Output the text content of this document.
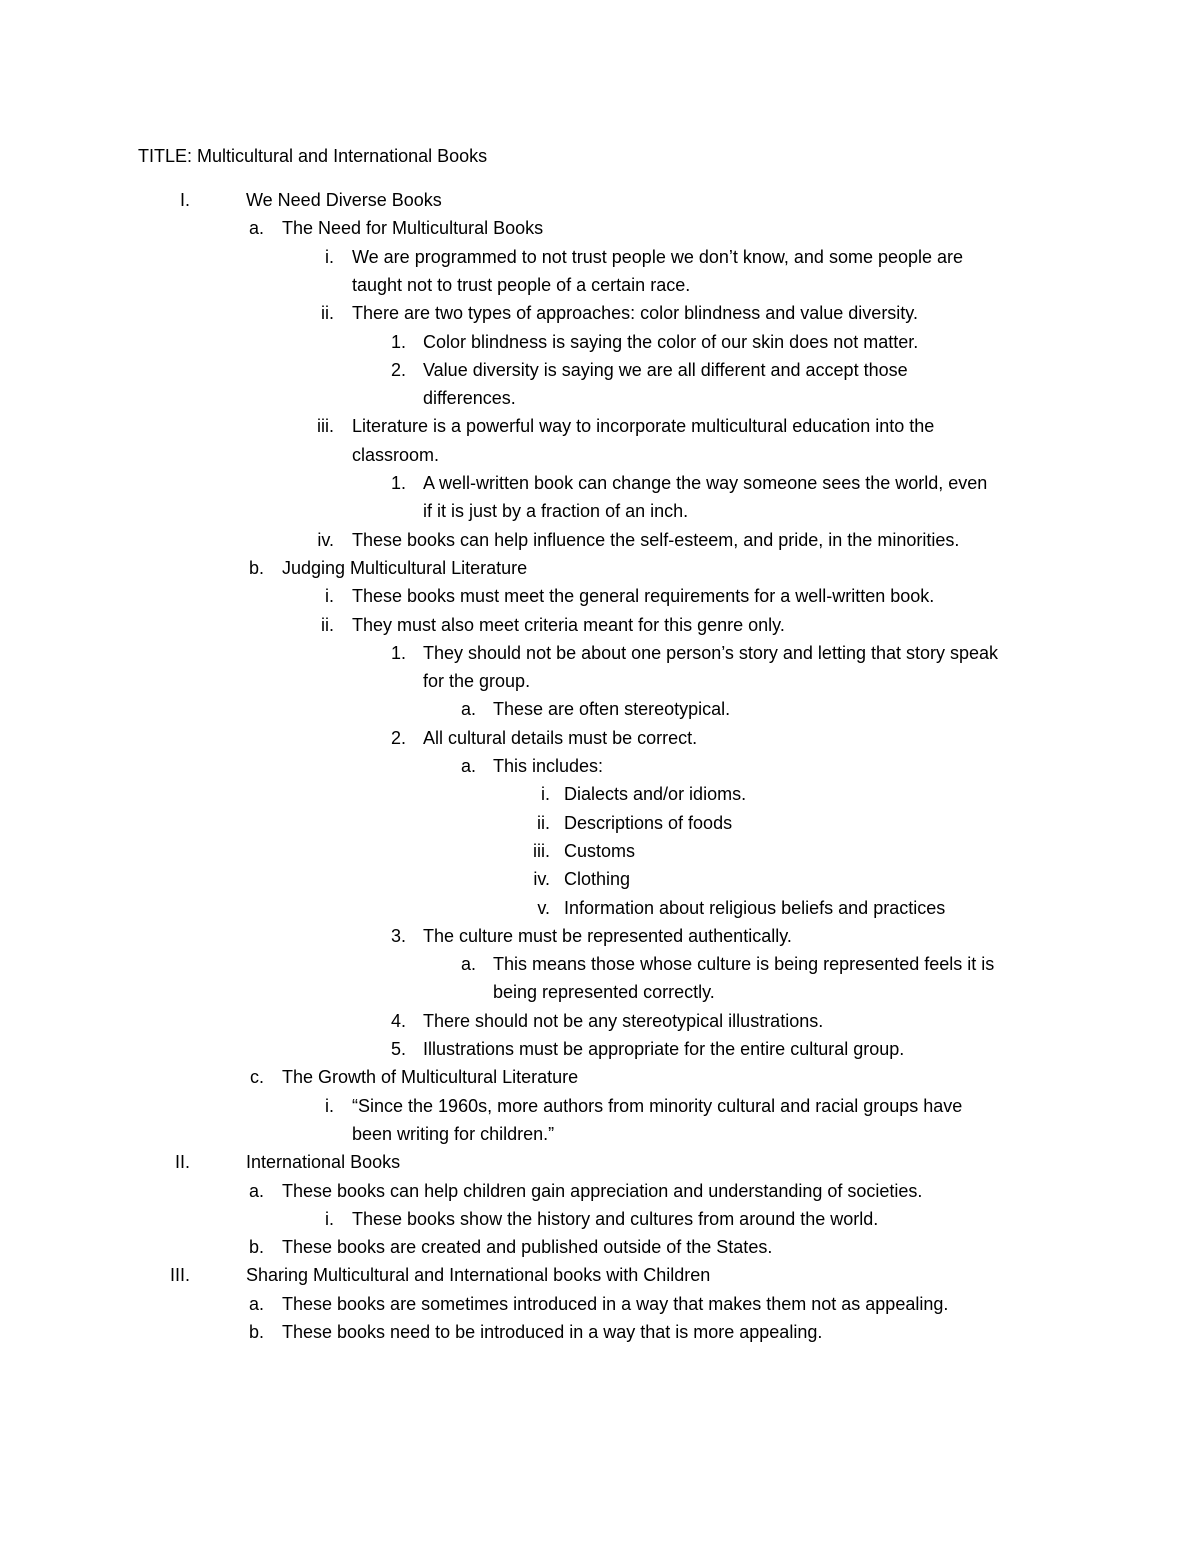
TITLE: Multicultural and International Books
I.	We Need Diverse Books
a. The Need for Multicultural Books
i. We are programmed to not trust people we don’t know, and some people are
taught not to trust people of a certain race.
ii. There are two types of approaches: color blindness and value diversity.
1. Color blindness is saying the color of our skin does not matter.
2. Value diversity is saying we are all different and accept those
differences.
iii. Literature is a powerful way to incorporate multicultural education into the
classroom.
1. A well-written book can change the way someone sees the world, even
if it is just by a fraction of an inch.
iv. These books can help influence the self-esteem, and pride, in the minorities.
b. Judging Multicultural Literature
i. These books must meet the general requirements for a well-written book.
ii. They must also meet criteria meant for this genre only.
1. They should not be about one person’s story and letting that story speak
for the group.
a. These are often stereotypical.
2. All cultural details must be correct.
a. This includes:
i. Dialects and/or idioms.
ii. Descriptions of foods
iii. Customs
iv. Clothing
v. Information about religious beliefs and practices
3. The culture must be represented authentically.
a. This means those whose culture is being represented feels it is
being represented correctly.
4. There should not be any stereotypical illustrations.
5. Illustrations must be appropriate for the entire cultural group.
c. The Growth of Multicultural Literature
i. “Since the 1960s, more authors from minority cultural and racial groups have
been writing for children.”
II.	International Books
a. These books can help children gain appreciation and understanding of societies.
i. These books show the history and cultures from around the world.
b. These books are created and published outside of the States.
III.	Sharing Multicultural and International books with Children
a. These books are sometimes introduced in a way that makes them not as appealing.
b. These books need to be introduced in a way that is more appealing.
